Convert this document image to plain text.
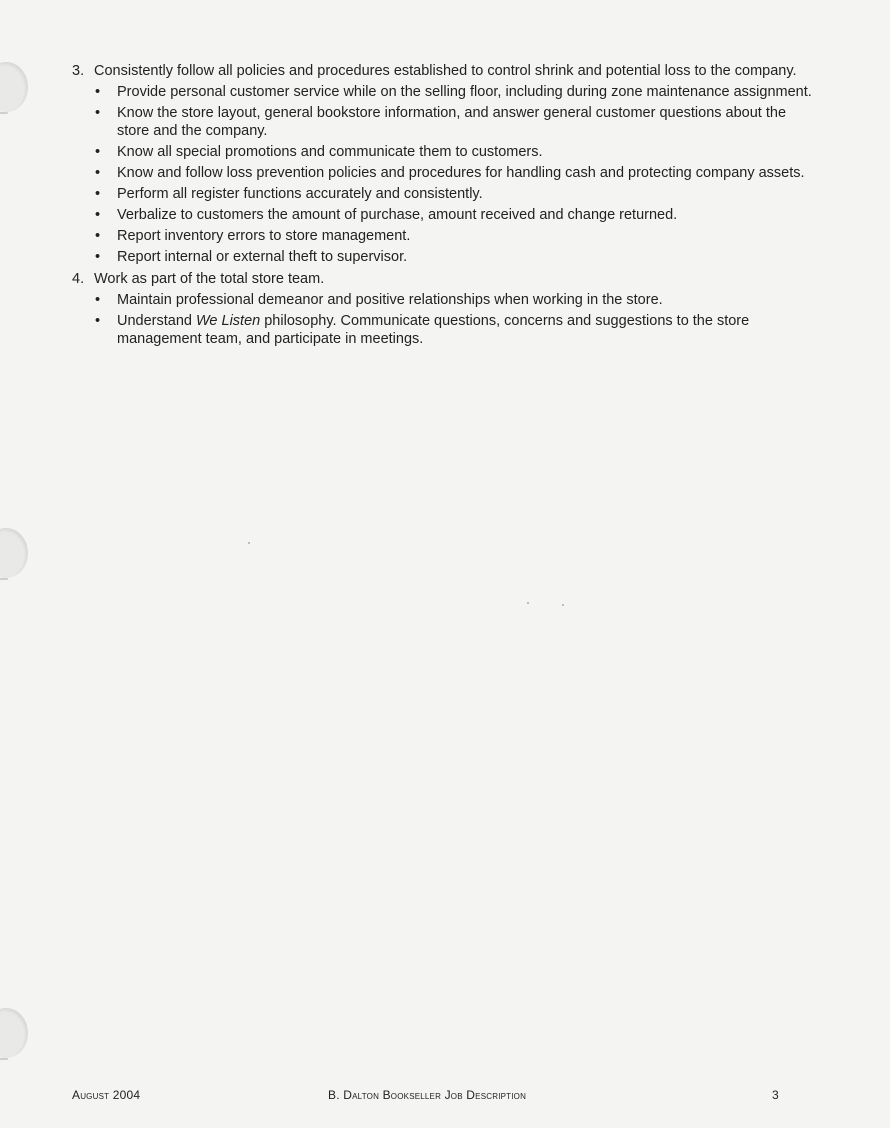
3. Consistently follow all policies and procedures established to control shrink and potential loss to the company.
•	Provide personal customer service while on the selling floor, including during zone maintenance assignment.
•	Know the store layout, general bookstore information, and answer general customer questions about the store and the company.
•	Know all special promotions and communicate them to customers.
•	Know and follow loss prevention policies and procedures for handling cash and protecting company assets.
•	Perform all register functions accurately and consistently.
•	Verbalize to customers the amount of purchase, amount received and change returned.
•	Report inventory errors to store management.
•	Report internal or external theft to supervisor.
4. Work as part of the total store team.
•	Maintain professional demeanor and positive relationships when working in the store.
•	Understand We Listen philosophy. Communicate questions, concerns and suggestions to the store management team, and participate in meetings.
August 2004	B. Dalton Bookseller Job Description	3
